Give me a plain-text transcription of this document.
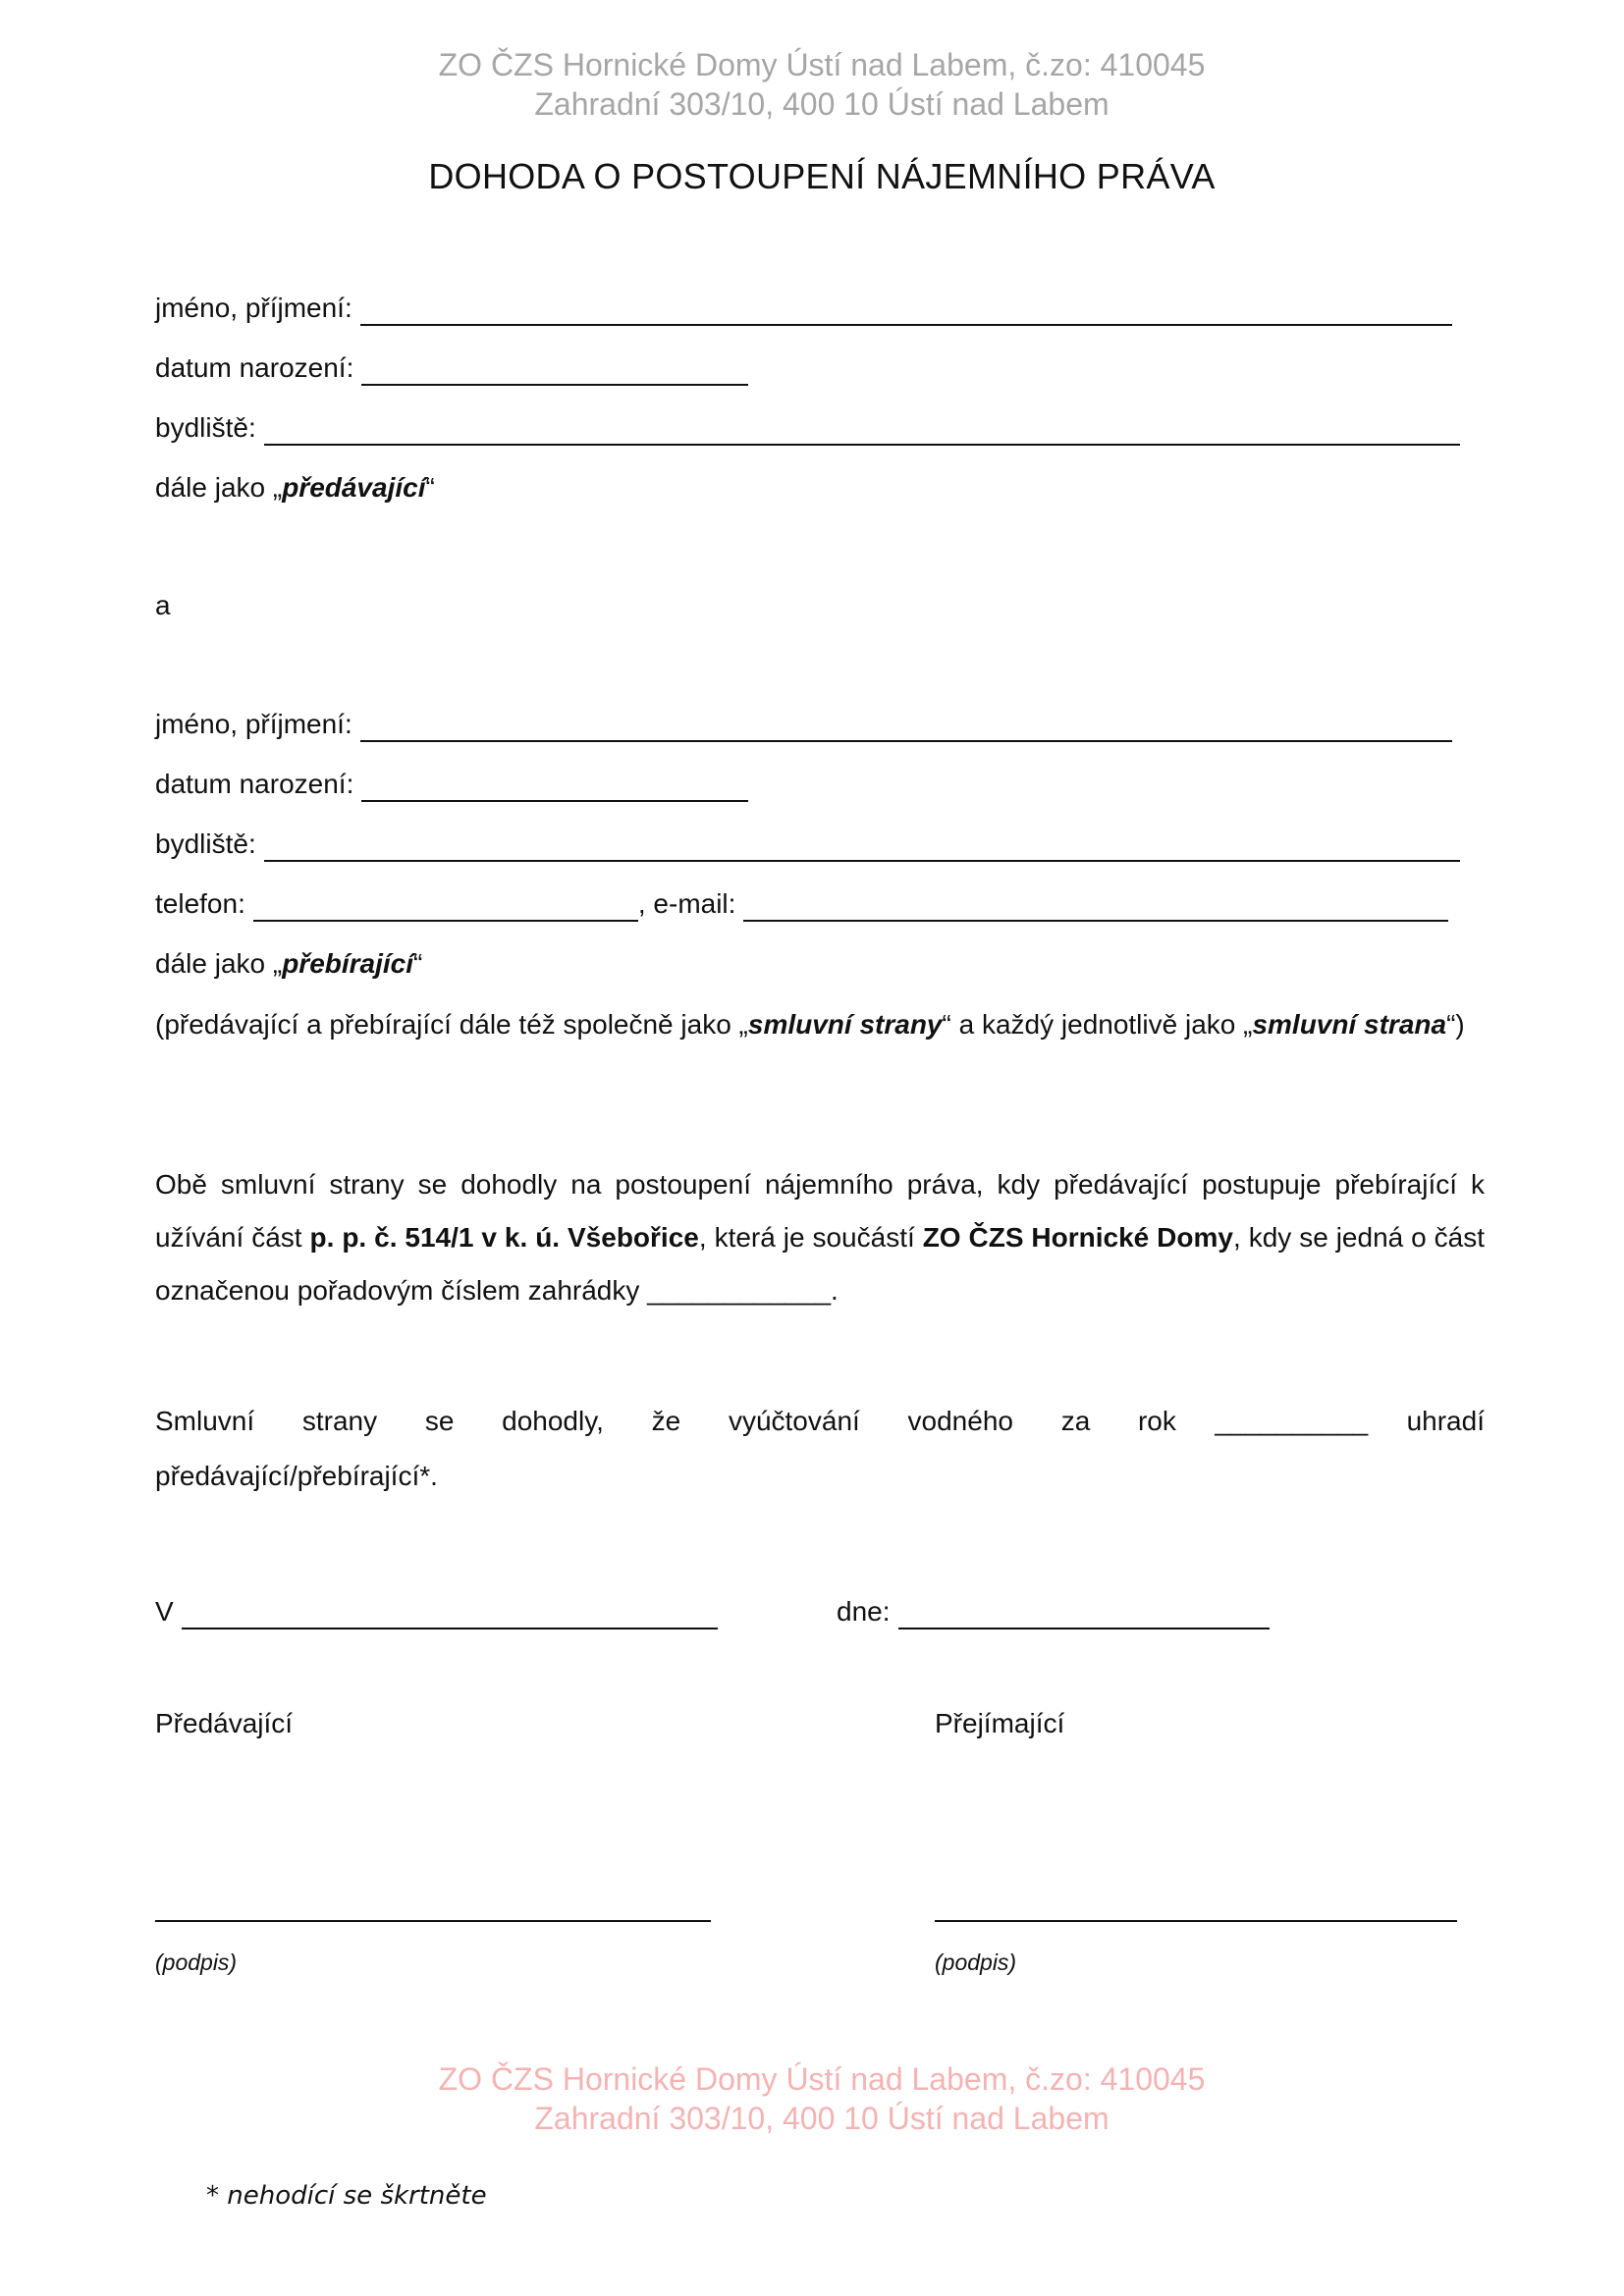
ZO ČZS Hornické Domy Ústí nad Labem, č.zo: 410045
Zahradní 303/10, 400 10 Ústí nad Labem
DOHODA O POSTOUPENÍ NÁJEMNÍHO PRÁVA
jméno, příjmení:
datum narození:
bydliště:
dále jako „ předávající “
a
jméno, příjmení:
datum narození:
bydliště:
telefon:	, e-mail:
dále jako „ přebírající “
(předávající a přebírající dále též společně jako „smluvní strany“ a každý jednotlivě jako „smluvní strana“)
Obě smluvní strany se dohodly na postoupení nájemního práva, kdy předávající postupuje přebírající k užívání část p. p. č. 514/1 v k. ú. Všebořice, která je součástí ZO ČZS Hornické Domy, kdy se jedná o část označenou pořadovým číslem zahrádky ____________.
Smluvní strany se dohodly, že vyúčtování vodného za rok __________ uhradí
předávající/přebírající*.
V	dne:
Předávající	Přejímající
(podpis)	(podpis)
ZO ČZS Hornické Domy Ústí nad Labem, č.zo: 410045
Zahradní 303/10, 400 10 Ústí nad Labem
* nehodící se škrtněte
